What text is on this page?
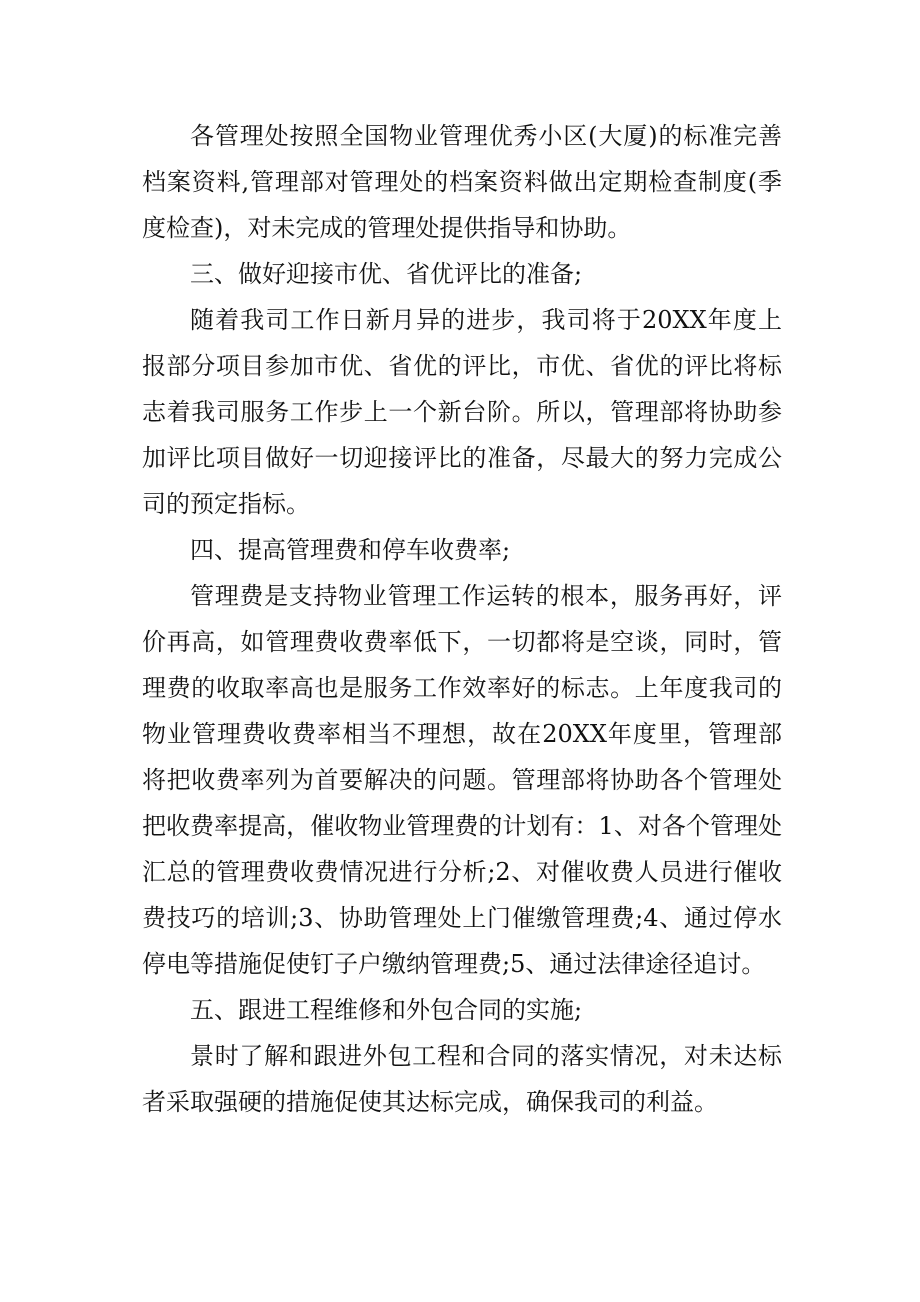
各管理处按照全国物业管理优秀小区(大厦)的标准完善档案资料,管理部对管理处的档案资料做出定期检查制度(季度检查)，对未完成的管理处提供指导和协助。

三、做好迎接市优、省优评比的准备;

随着我司工作日新月异的进步，我司将于20XX年度上报部分项目参加市优、省优的评比，市优、省优的评比将标志着我司服务工作步上一个新台阶。所以，管理部将协助参加评比项目做好一切迎接评比的准备，尽最大的努力完成公司的预定指标。

四、提高管理费和停车收费率;

管理费是支持物业管理工作运转的根本，服务再好，评价再高，如管理费收费率低下，一切都将是空谈，同时，管理费的收取率高也是服务工作效率好的标志。上年度我司的物业管理费收费率相当不理想，故在20XX年度里，管理部将把收费率列为首要解决的问题。管理部将协助各个管理处把收费率提高，催收物业管理费的计划有：1、对各个管理处汇总的管理费收费情况进行分析;2、对催收费人员进行催收费技巧的培训;3、协助管理处上门催缴管理费;4、通过停水停电等措施促使钉子户缴纳管理费;5、通过法律途径追讨。

五、跟进工程维修和外包合同的实施;

景时了解和跟进外包工程和合同的落实情况，对未达标者采取强硬的措施促使其达标完成，确保我司的利益。
